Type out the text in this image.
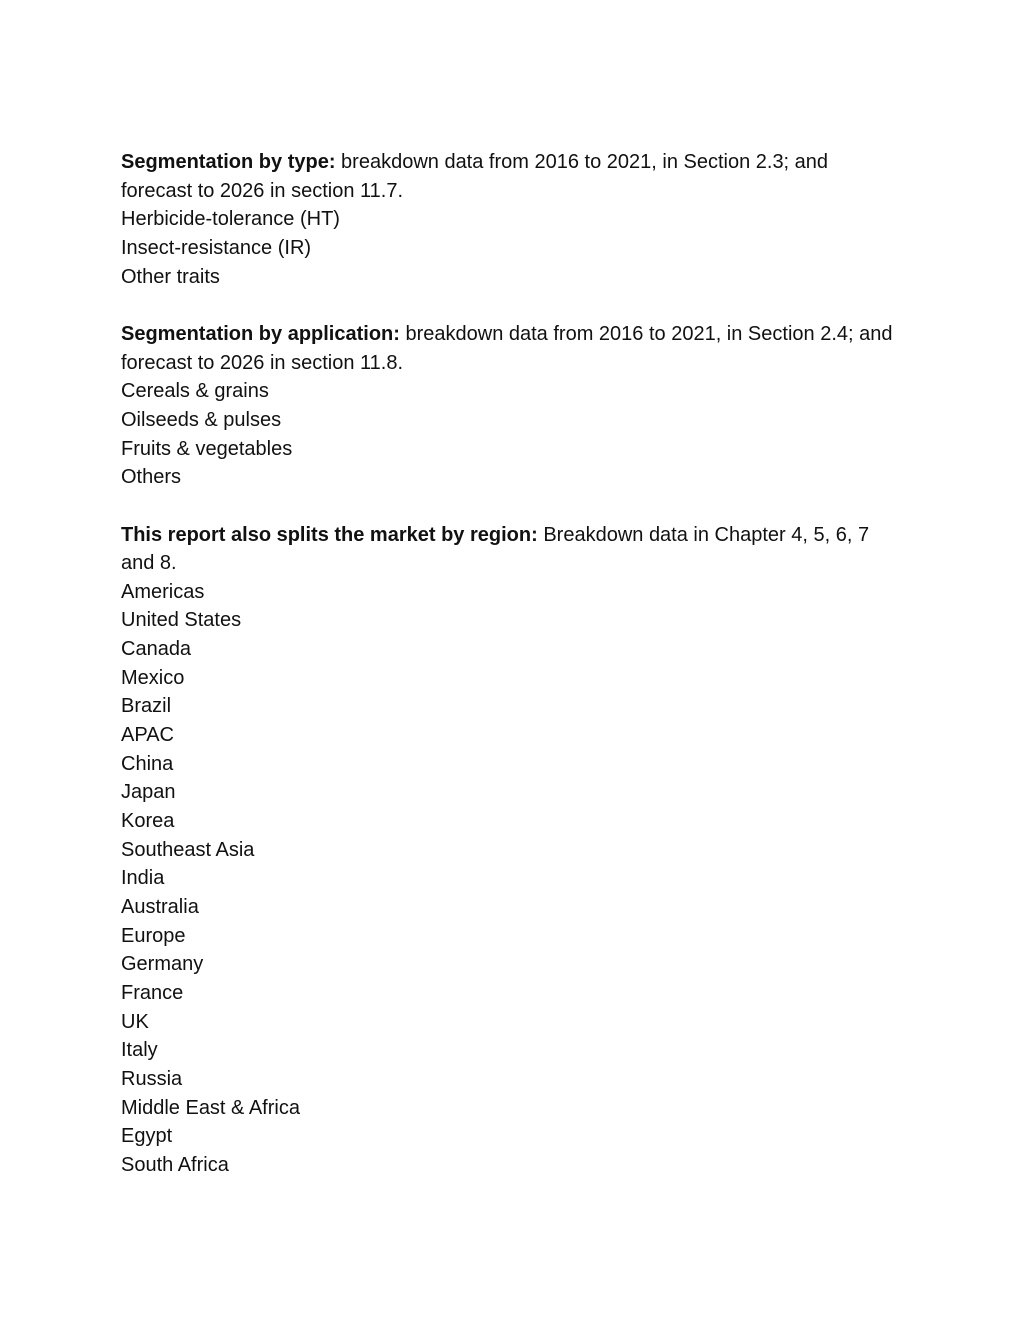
Segmentation by type: breakdown data from 2016 to 2021, in Section 2.3; and forecast to 2026 in section 11.7.

Herbicide-tolerance (HT)

Insect-resistance (IR)

Other traits

Segmentation by application: breakdown data from 2016 to 2021, in Section 2.4; and forecast to 2026 in section 11.8.

Cereals & grains

Oilseeds & pulses

Fruits & vegetables

Others

This report also splits the market by region: Breakdown data in Chapter 4, 5, 6, 7 and 8.

Americas

United States

Canada

Mexico

Brazil

APAC

China

Japan

Korea

Southeast Asia

India

Australia

Europe

Germany

France

UK

Italy

Russia

Middle East & Africa

Egypt

South Africa
